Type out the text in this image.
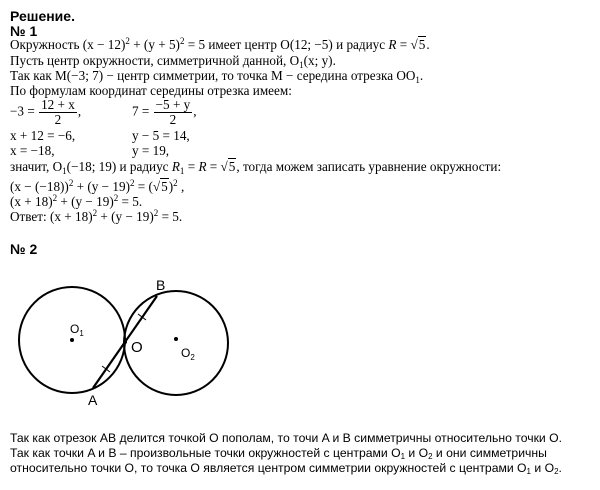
Решение.
№ 1
Окружность $(x - 12)^2 + (y + 5)^2 = 5$ имеет центр O(12; −5) и радиус R = √5.
Пусть центр окружности, симметричной данной, $O_1(x$; y).
Так как M(−3; 7) − центр симметрии, то точка M − середина отрезка $OO_1$.
По формулам координат середины отрезка имеем:
$-3 = \frac{12 + x}{2}$ ,
x + 12 = −6,
x = −18,
$7 = \frac{-5 + y}{2}$ ,
y − 5 = 14,
y = 19,
значит, $O_1(-18$; 19) и радиус $R_1 = R = √5$, тогда можем записать уравнение окружности:
$(x - (-18))^2 + (y - 19)^2 = (√5)^2$ ,
$(x + 18)^2 + (y - 19)^2 = 5$.
Ответ: $(x + 18)^2 + (y - 19)^2 = 5$.
№ 2
$O_1$
$O_2$
O
A
B
Так как отрезок AB делится точкой O пополам, то точи A и B симметричны относительно точки O.
Так как точки A и B – произвольные точки окружностей с центрами $O_1$ и $O_2$ и они симметричны
относительно точки O, то точка O является центром симметрии окружностей с центрами $O_1$ и $O_2$.
